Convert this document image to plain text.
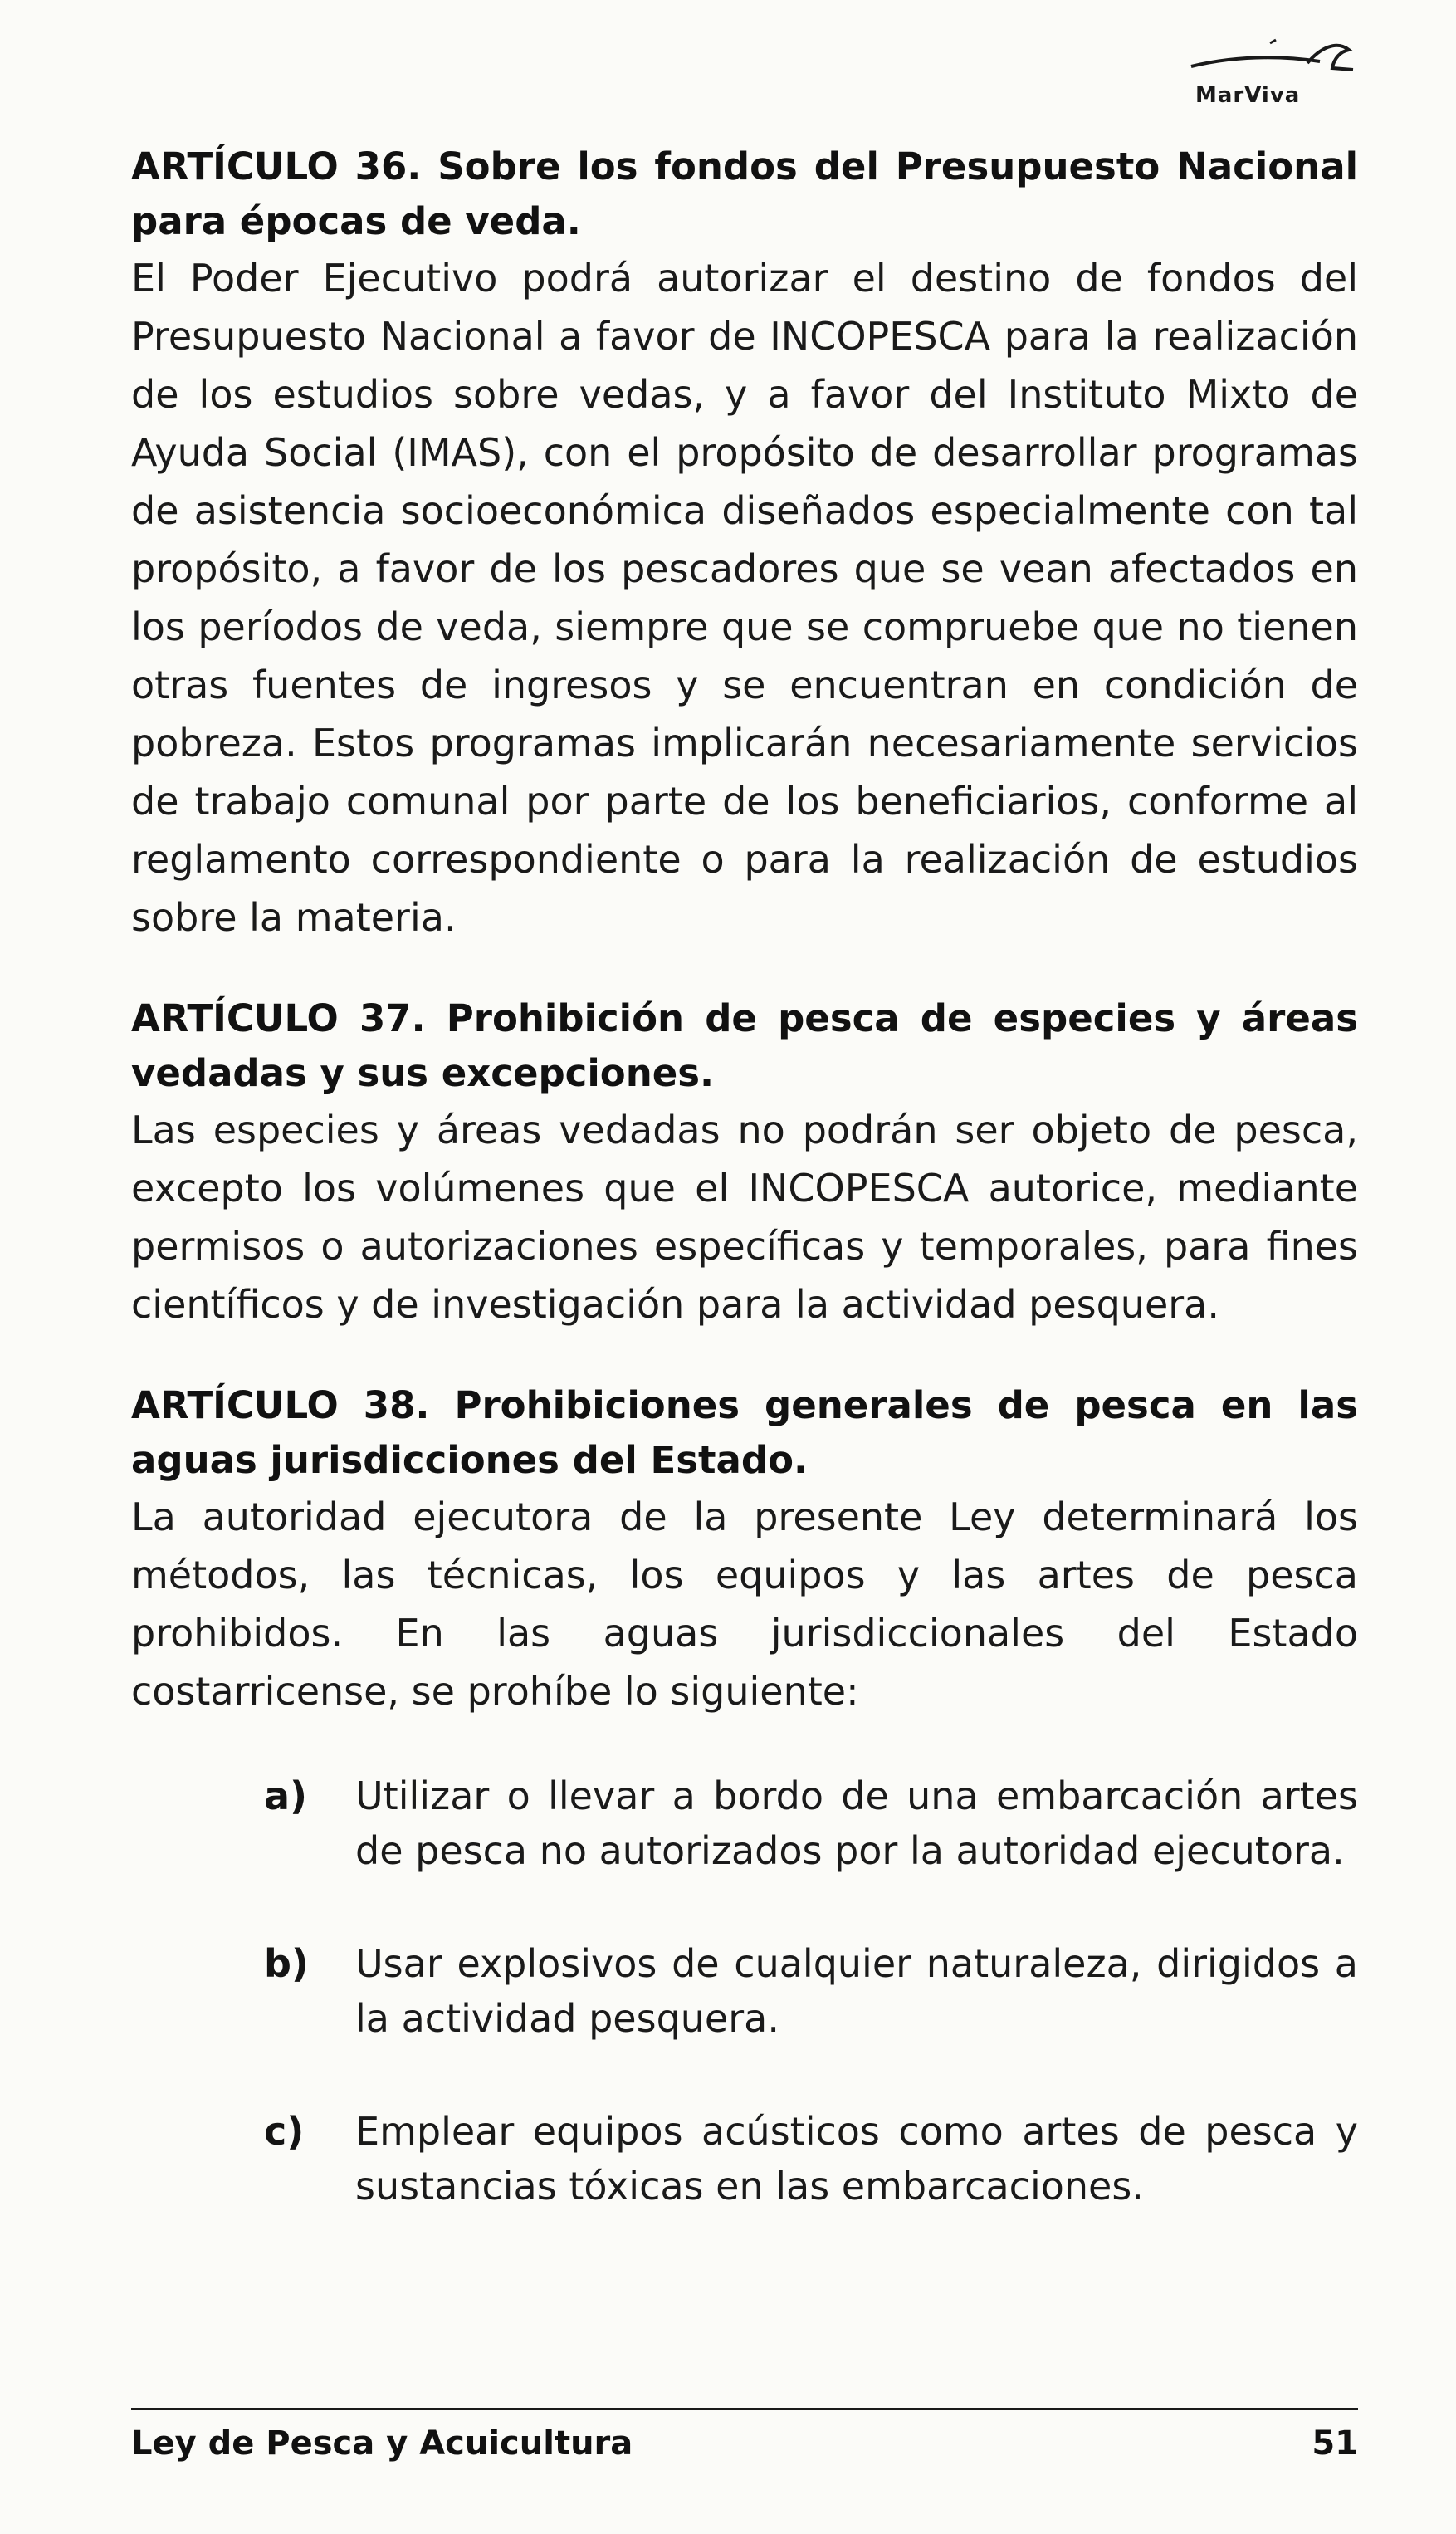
MarViva
ARTÍCULO 36. Sobre los fondos del Presupuesto Nacional para épocas de veda.
El Poder Ejecutivo podrá autorizar el destino de fondos del Presupuesto Nacional a favor de INCOPESCA para la realización de los estudios sobre vedas, y a favor del Instituto Mixto de Ayuda Social (IMAS), con el propósito de desarrollar programas de asistencia socioeconómica diseñados especialmente con tal propósito, a favor de los pescadores que se vean afectados en los períodos de veda, siempre que se compruebe que no tienen otras fuentes de ingresos y se encuentran en condición de pobreza. Estos programas implicarán necesariamente servicios de trabajo comunal por parte de los beneficiarios, conforme al reglamento correspondiente o para la realización de estudios sobre la materia.
ARTÍCULO 37. Prohibición de pesca de especies y áreas vedadas y sus excepciones.
Las especies y áreas vedadas no podrán ser objeto de pesca, excepto los volúmenes que el INCOPESCA autorice, mediante permisos o autorizaciones específicas y temporales, para fines científicos y de investigación para la actividad pesquera.
ARTÍCULO 38. Prohibiciones generales de pesca en las aguas jurisdicciones del Estado.
La autoridad ejecutora de la presente Ley determinará los métodos, las técnicas, los equipos y las artes de pesca prohibidos. En las aguas jurisdiccionales del Estado costarricense, se prohíbe lo siguiente:
a)	Utilizar o llevar a bordo de una embarcación artes de pesca no autorizados por la autoridad ejecutora.
b)	Usar explosivos de cualquier naturaleza, dirigidos a la actividad pesquera.
c)	Emplear equipos acústicos como artes de pesca y sustancias tóxicas en las embarcaciones.
Ley de Pesca y Acuicultura	51
